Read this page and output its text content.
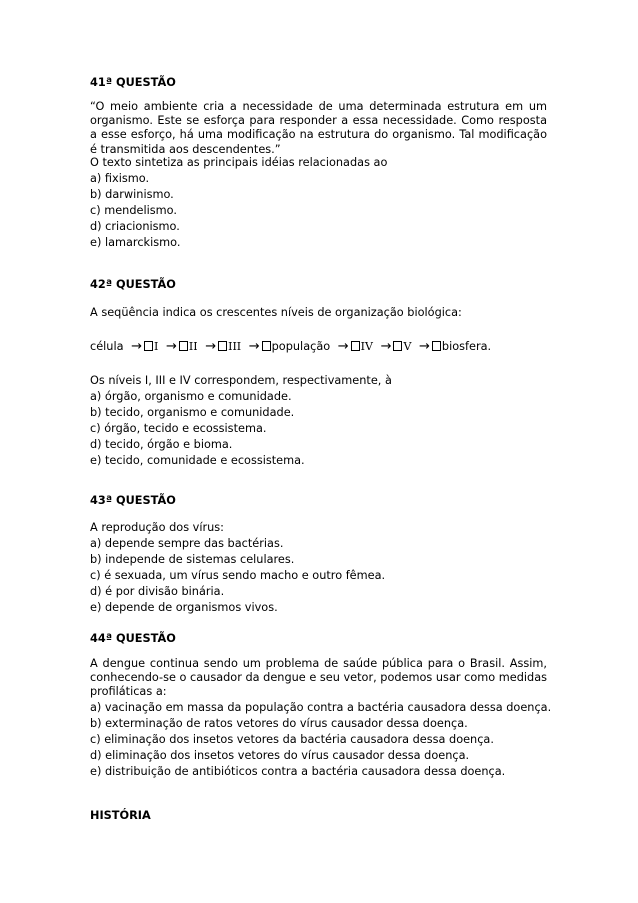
41ª QUESTÃO
“O meio ambiente cria a necessidade de uma determinada estrutura em um organismo. Este se esforça para responder a essa necessidade. Como resposta a esse esforço, há uma modificação na estrutura do organismo. Tal modificação é transmitida aos descendentes.”
O texto sintetiza as principais idéias relacionadas ao
a) fixismo.
b) darwinismo.
c) mendelismo.
d) criacionismo.
e) lamarckismo.
42ª QUESTÃO
A seqüência indica os crescentes níveis de organização biológica:
célula → I → II → III → população → IV → V → biosfera.
Os níveis I, III e IV correspondem, respectivamente, à
a) órgão, organismo e comunidade.
b) tecido, organismo e comunidade.
c) órgão, tecido e ecossistema.
d) tecido, órgão e bioma.
e) tecido, comunidade e ecossistema.
43ª QUESTÃO
A reprodução dos vírus:
a) depende sempre das bactérias.
b) independe de sistemas celulares.
c) é sexuada, um vírus sendo macho e outro fêmea.
d) é por divisão binária.
e) depende de organismos vivos.
44ª QUESTÃO
A dengue continua sendo um problema de saúde pública para o Brasil. Assim, conhecendo-se o causador da dengue e seu vetor, podemos usar como medidas profiláticas a:
a) vacinação em massa da população contra a bactéria causadora dessa doença.
b) exterminação de ratos vetores do vírus causador dessa doença.
c) eliminação dos insetos vetores da bactéria causadora dessa doença.
d) eliminação dos insetos vetores do vírus causador dessa doença.
e) distribuição de antibióticos contra a bactéria causadora dessa doença.
HISTÓRIA
